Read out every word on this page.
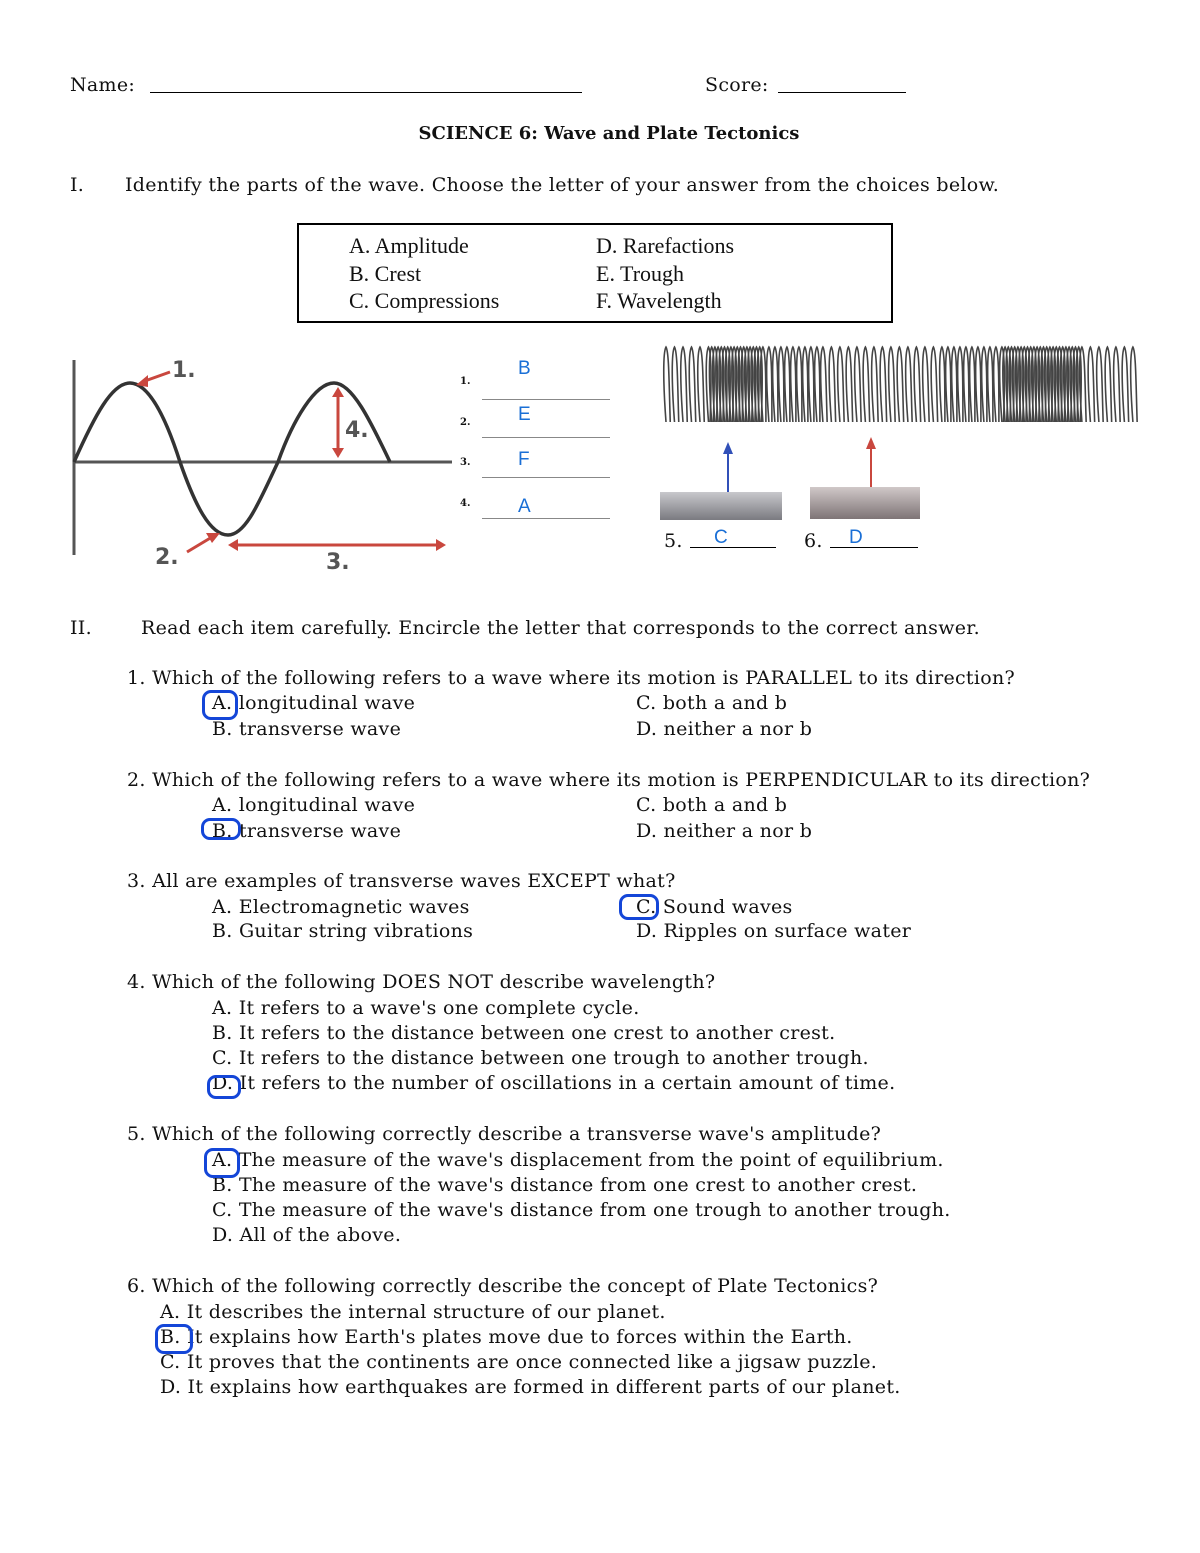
Name:	Score:
SCIENCE 6: Wave and Plate Tectonics
I. Identify the parts of the wave. Choose the letter of your answer from the choices below.
A. Amplitude
B. Crest
C. Compressions
D. Rarefactions
E. Trough
F. Wavelength
1.
4.
2.	3.
1.
B
2.	E
3.	F
4.	A
5. C	6. D
II.	Read each item carefully. Encircle the letter that corresponds to the correct answer.
1. Which of the following refers to a wave where its motion is PARALLEL to its direction?
A. longitudinal wave
B. transverse wave
C. both a and b
D. neither a nor b
2. Which of the following refers to a wave where its motion is PERPENDICULAR to its direction?
A. longitudinal wave
B. transverse wave
C. both a and b
D. neither a nor b
3. All are examples of transverse waves EXCEPT what?
A. Electromagnetic waves
B. Guitar string vibrations
C. Sound waves
D. Ripples on surface water
4. Which of the following DOES NOT describe wavelength?
A. It refers to a wave's one complete cycle.
B. It refers to the distance between one crest to another crest.
C. It refers to the distance between one trough to another trough.
D. It refers to the number of oscillations in a certain amount of time.
5. Which of the following correctly describe a transverse wave's amplitude?
A. The measure of the wave's displacement from the point of equilibrium.
B. The measure of the wave's distance from one crest to another crest.
C. The measure of the wave's distance from one trough to another trough.
D. All of the above.
6. Which of the following correctly describe the concept of Plate Tectonics?
A. It describes the internal structure of our planet.
B. It explains how Earth's plates move due to forces within the Earth.
C. It proves that the continents are once connected like a jigsaw puzzle.
D. It explains how earthquakes are formed in different parts of our planet.
